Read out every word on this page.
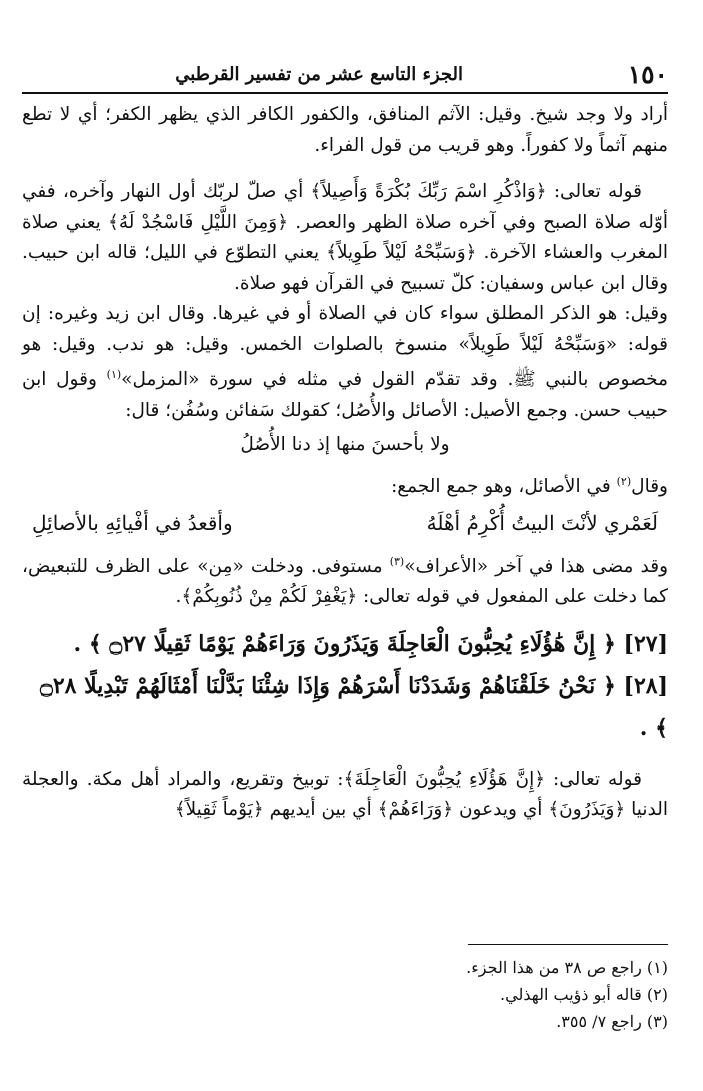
١٥٠
الجزء التاسع عشر من تفسير القرطبي

أراد ولا وجد شيخ. وقيل: الآثم المنافق، والكفور الكافر الذي يظهر الكفر؛ أي لا تطع منهم آثماً ولا كفوراً. وهو قريب من قول الفراء.

قوله تعالى: ﴿وَاذْكُرِ اسْمَ رَبِّكَ بُكْرَةً وَأَصِيلاً﴾ أي صلّ لربّك أول النهار وآخره، ففي أوّله صلاة الصبح وفي آخره صلاة الظهر والعصر. ﴿وَمِنَ اللَّيْلِ فَاسْجُدْ لَهُ﴾ يعني صلاة المغرب والعشاء الآخرة. ﴿وَسَبِّحْهُ لَيْلاً طَوِيلاً﴾ يعني التطوّع في الليل؛ قاله ابن حبيب. وقال ابن عباس وسفيان: كلّ تسبيح في القرآن فهو صلاة.

وقيل: هو الذكر المطلق سواء كان في الصلاة أو في غيرها. وقال ابن زيد وغيره: إن قوله: «وَسَبِّحْهُ لَيْلاً طَوِيلاً» منسوخ بالصلوات الخمس. وقيل: هو ندب. وقيل: هو مخصوص بالنبي ﷺ. وقد تقدّم القول في مثله في سورة «المزمل»$^{(١)}$ وقول ابن حبيب حسن. وجمع الأصيل: الأصائل والأُصُل؛ كقولك سَفائن وسُفُن؛ قال:

ولا بأحسنَ منها إذ دنا الأُصُلُ

وقال$^{(٢)}$ في الأصائل، وهو جمع الجمع:

لَعَمْري لأنْتَ البيتُ أُكْرِمُ أهْلَهُ
وأقعدُ في أفْيائِهِ بالأصائِلِ

وقد مضى هذا في آخر «الأعراف»$^{(٣)}$ مستوفى. ودخلت «مِن» على الظرف للتبعيض، كما دخلت على المفعول في قوله تعالى: ﴿يَغْفِرْ لَكُمْ مِنْ ذُنُوبِكُمْ﴾.

[٢٧] ﴿ إِنَّ هَٰؤُلَاءِ يُحِبُّونَ الْعَاجِلَةَ وَيَذَرُونَ وَرَاءَهُمْ يَوْمًا ثَقِيلًا ۝٢٧ ﴾ .

[٢٨] ﴿ نَحْنُ خَلَقْنَاهُمْ وَشَدَدْنَا أَسْرَهُمْ وَإِذَا شِئْنَا بَدَّلْنَا أَمْثَالَهُمْ تَبْدِيلًا ۝٢٨ ﴾ .

قوله تعالى: ﴿إِنَّ هَؤُلَاءِ يُحِبُّونَ الْعَاجِلَةَ﴾: توبيخ وتقريع، والمراد أهل مكة. والعجلة الدنيا ﴿وَيَذَرُونَ﴾ أي ويدعون ﴿وَرَاءَهُمْ﴾ أي بين أيديهم ﴿يَوْماً ثَقِيلاً﴾

(١) راجع ص ٣٨ من هذا الجزء.

(٢) قاله أبو ذؤيب الهذلي.

(٣) راجع ٧/ ٣٥٥.
